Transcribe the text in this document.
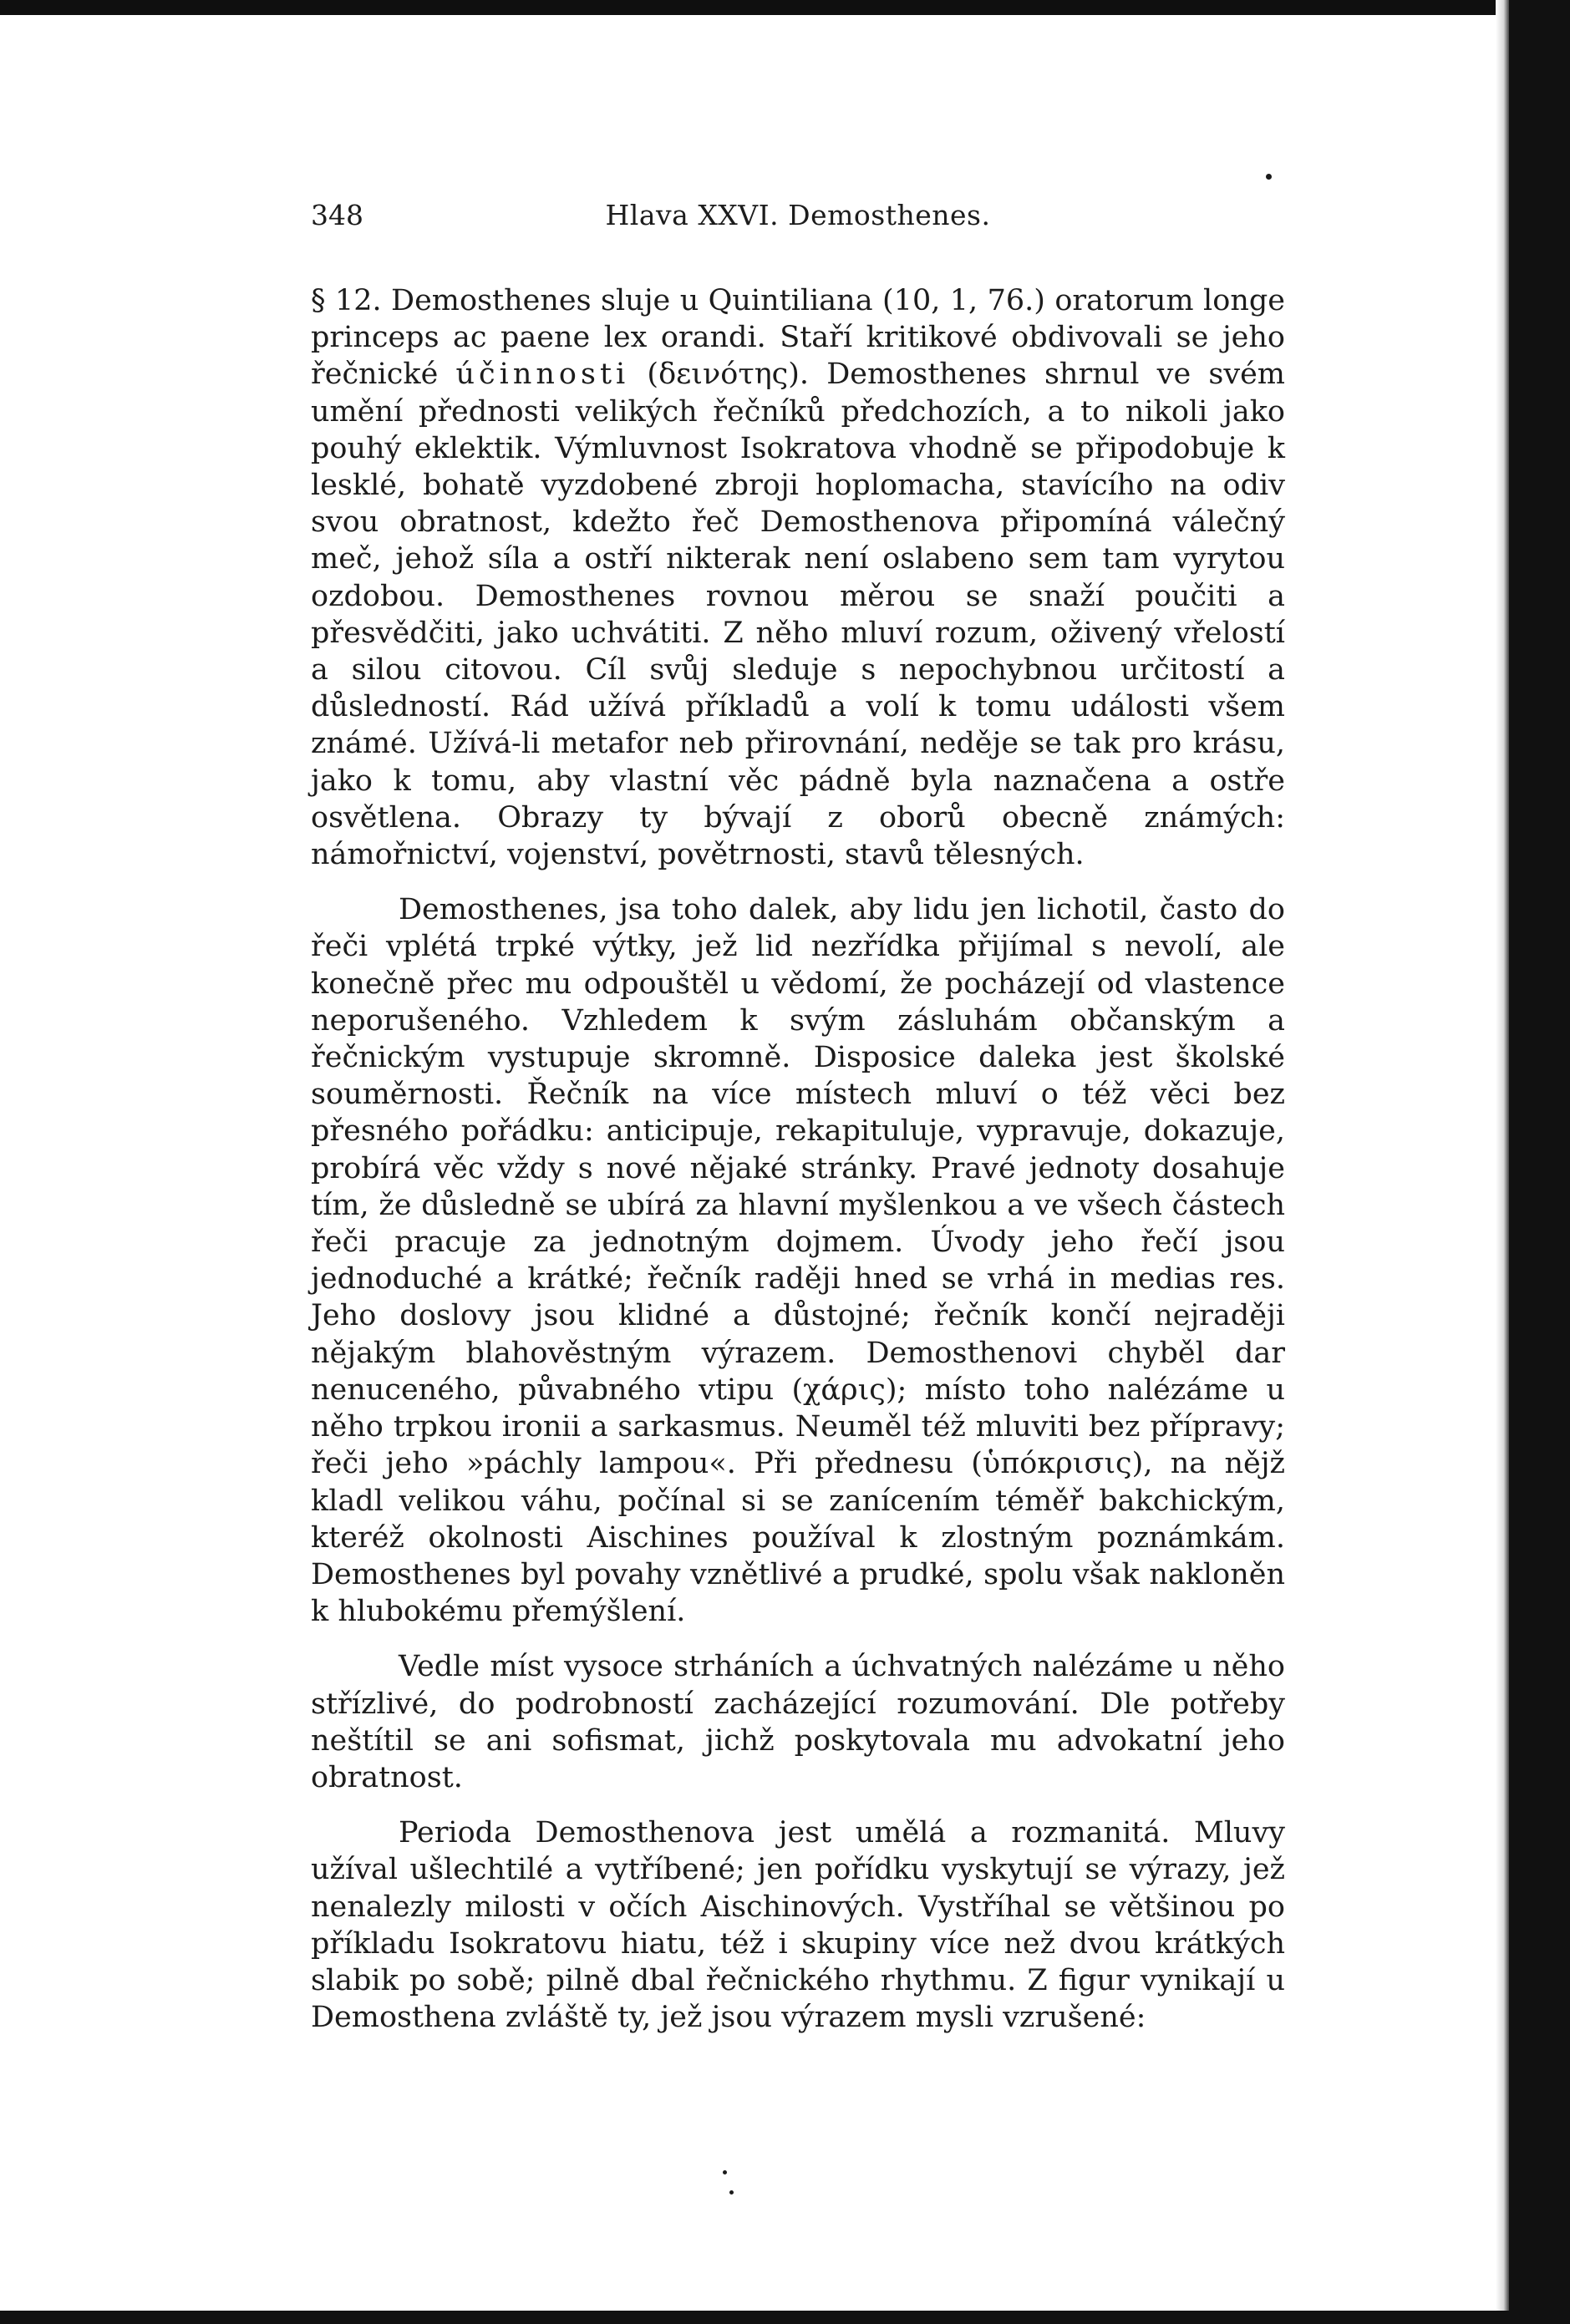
348	Hlava XXVI. Demosthenes.

§ 12. Demosthenes sluje u Quintiliana (10, 1, 76.) oratorum longe princeps ac paene lex orandi. Staří kritikové obdivovali se jeho řečnické účinnosti (δεινότης). Demosthenes shrnul ve svém umění přednosti velikých řečníků předchozích, a to nikoli jako pouhý eklektik. Výmluvnost Isokratova vhodně se připodobuje k lesklé, bohatě vyzdobené zbroji hoplomacha, stavícího na odiv svou obratnost, kdežto řeč Demosthenova připomíná válečný meč, jehož síla a ostří nikterak není oslabeno sem tam vyrytou ozdobou. Demosthenes rovnou měrou se snaží poučiti a přesvědčiti, jako uchvátiti. Z něho mluví rozum, oživený vřelostí a silou citovou. Cíl svůj sleduje s nepochybnou určitostí a důsledností. Rád užívá příkladů a volí k tomu události všem známé. Užívá-li metafor neb přirovnání, neděje se tak pro krásu, jako k tomu, aby vlastní věc pádně byla naznačena a ostře osvětlena. Obrazy ty bývají z oborů obecně známých: námořnictví, vojenství, povětrnosti, stavů tělesných.

Demosthenes, jsa toho dalek, aby lidu jen lichotil, často do řeči vplétá trpké výtky, jež lid nezřídka přijímal s nevolí, ale konečně přec mu odpouštěl u vědomí, že pocházejí od vlastence neporušeného. Vzhledem k svým zásluhám občanským a řečnickým vystupuje skromně. Disposice daleka jest školské souměrnosti. Řečník na více místech mluví o též věci bez přesného pořádku: anticipuje, rekapituluje, vypravuje, dokazuje, probírá věc vždy s nové nějaké stránky. Pravé jednoty dosahuje tím, že důsledně se ubírá za hlavní myšlenkou a ve všech částech řeči pracuje za jednotným dojmem. Úvody jeho řečí jsou jednoduché a krátké; řečník raději hned se vrhá in medias res. Jeho doslovy jsou klidné a důstojné; řečník končí nejraději nějakým blahověstným výrazem. Demosthenovi chyběl dar nenuceného, půvabného vtipu (χάρις); místo toho nalézáme u něho trpkou ironii a sarkasmus. Neuměl též mluviti bez přípravy; řeči jeho »páchly lampou«. Při přednesu (ὑπόκρισις), na nějž kladl velikou váhu, počínal si se zanícením téměř bakchickým, kteréž okolnosti Aischines používal k zlostným poznámkám. Demosthenes byl povahy vznětlivé a prudké, spolu však nakloněn k hlubokému přemýšlení.

Vedle míst vysoce strháních a úchvatných nalézáme u něho střízlivé, do podrobností zacházející rozumování. Dle potřeby neštítil se ani sofismat, jichž poskytovala mu advokatní jeho obratnost.

Perioda Demosthenova jest umělá a rozmanitá. Mluvy užíval ušlechtilé a vytříbené; jen pořídku vyskytují se výrazy, jež nenalezly milosti v očích Aischinových. Vystříhal se většinou po příkladu Isokratovu hiatu, též i skupiny více než dvou krátkých slabik po sobě; pilně dbal řečnického rhythmu. Z figur vynikají u Demosthena zvláště ty, jež jsou výrazem mysli vzrušené:
